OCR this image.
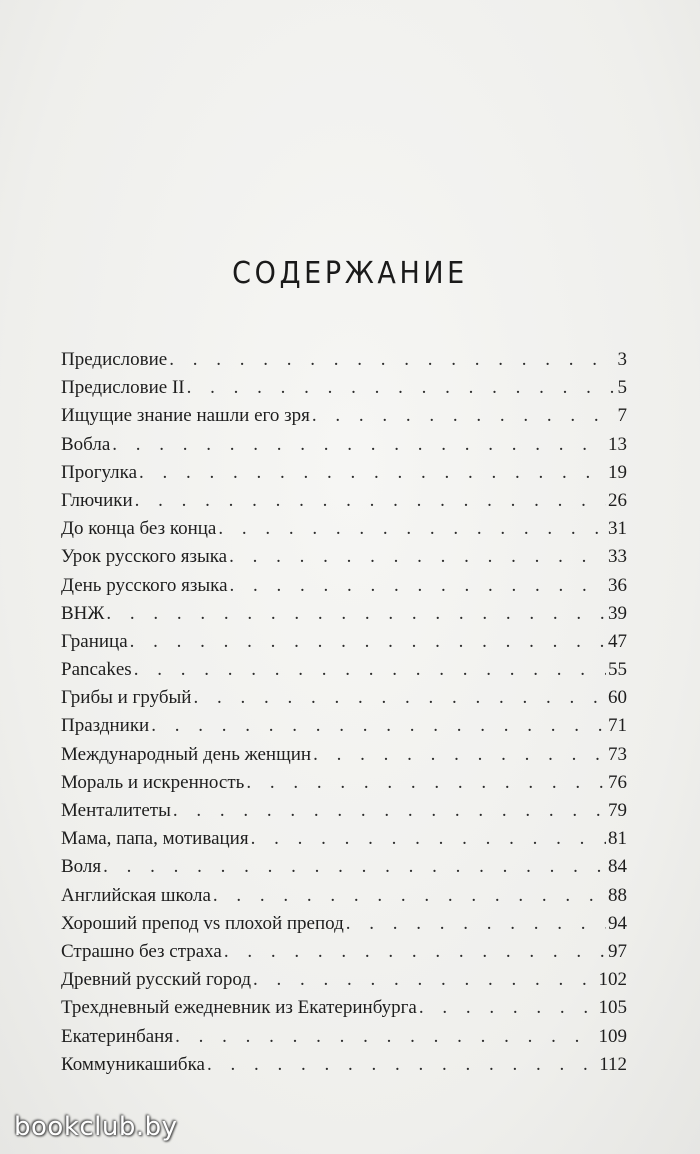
СОДЕРЖАНИЕ
Предисловие . . .	3
Предисловие II . . .	5
Ищущие знание нашли его зря . . .	7
Вобла . . .	13
Прогулка . . .	19
Глючики . . .	26
До конца без конца . . .	31
Урок русского языка . . .	33
День русского языка . . .	36
ВНЖ . . .	39
Граница . . .	47
Pancakes . . .	55
Грибы и грубый . . .	60
Праздники . . .	71
Международный день женщин . . .	73
Мораль и искренность . . .	76
Менталитеты . . .	79
Мама, папа, мотивация . . .	81
Воля . . .	84
Английская школа . . .	88
Хороший препод vs плохой препод . . .	94
Страшно без страха . . .	97
Древний русский город . . .	102
Трехдневный ежедневник из Екатеринбурга . . .	105
Екатеринбаня . . .	109
Коммуникашибка . . .	112
bookclub.by
